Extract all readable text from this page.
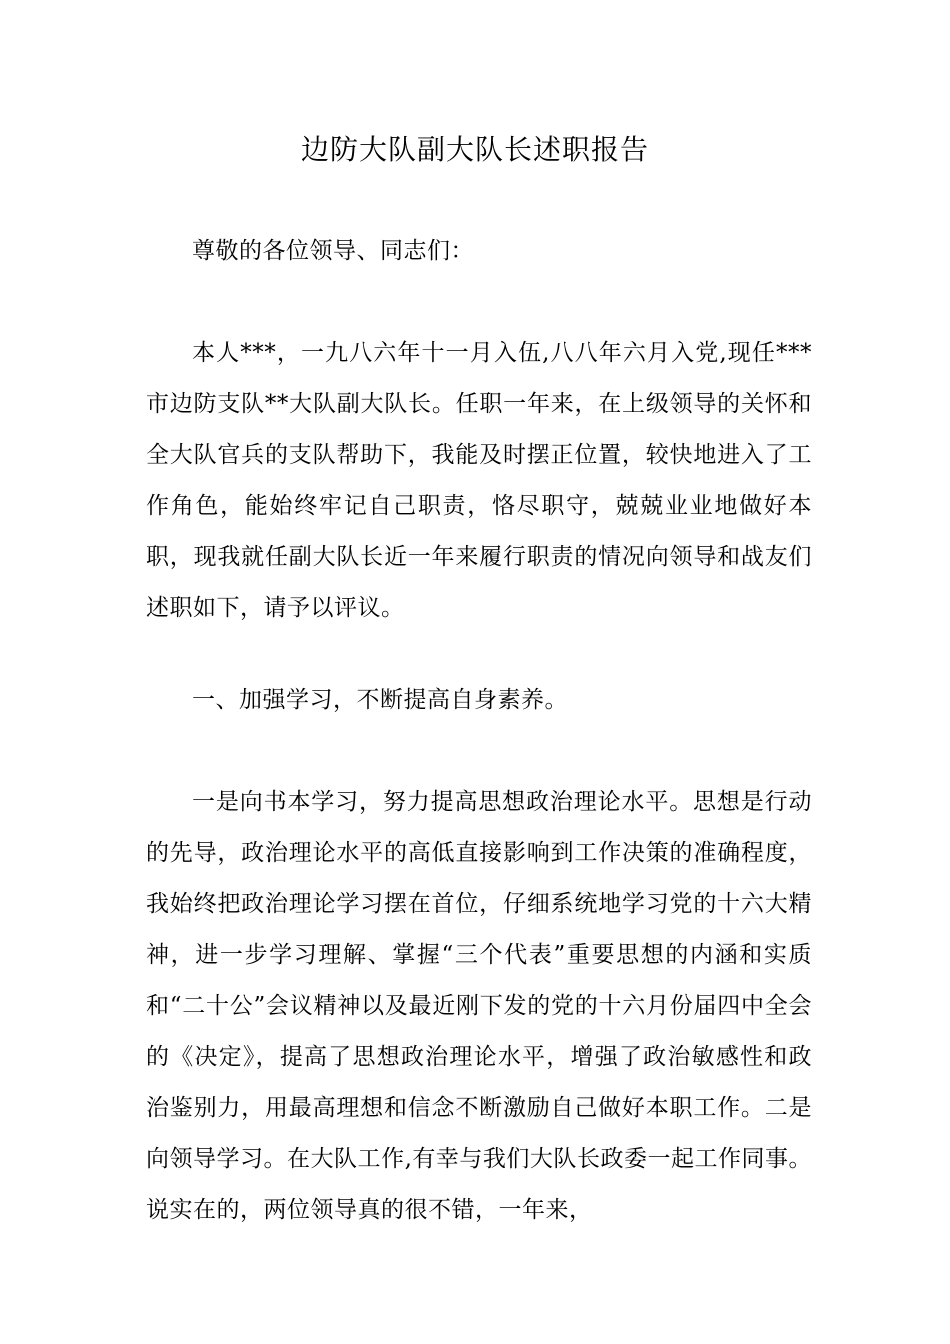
边防大队副大队长述职报告

尊敬的各位领导、同志们：

本人***，一九八六年十一月入伍,八八年六月入党,现任***市边防支队**大队副大队长。任职一年来，在上级领导的关怀和全大队官兵的支队帮助下，我能及时摆正位置，较快地进入了工作角色，能始终牢记自己职责，恪尽职守，兢兢业业地做好本职，现我就任副大队长近一年来履行职责的情况向领导和战友们述职如下，请予以评议。

一、加强学习，不断提高自身素养。

一是向书本学习，努力提高思想政治理论水平。思想是行动的先导，政治理论水平的高低直接影响到工作决策的准确程度，我始终把政治理论学习摆在首位，仔细系统地学习党的十六大精神，进一步学习理解、掌握“三个代表”重要思想的内涵和实质和“二十公”会议精神以及最近刚下发的党的十六月份届四中全会的《决定》，提高了思想政治理论水平，增强了政治敏感性和政治鉴别力，用最高理想和信念不断激励自己做好本职工作。二是向领导学习。在大队工作,有幸与我们大队长政委一起工作同事。说实在的，两位领导真的很不错，一年来，
